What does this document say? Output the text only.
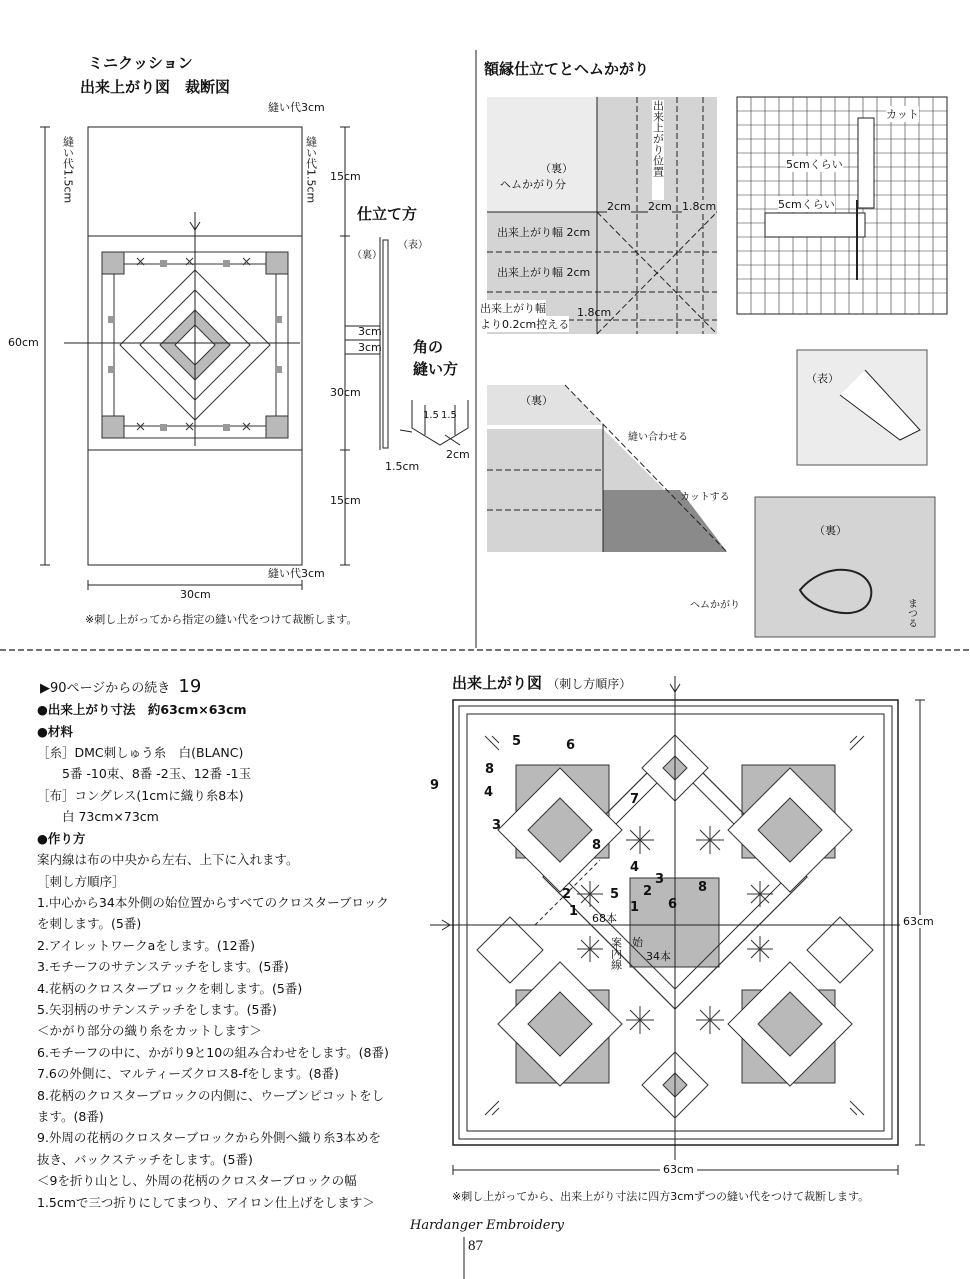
ミニクッション
出来上がり図　裁断図
縫い代3cm
縫い代3cm
縫い代1.5cm	縫い代1.5cm 15cm
30cm
15cm
60cm
30cm
※刺し上がってから指定の縫い代をつけて裁断します。
仕立て方
（裏）
（表）
3cm
3cm 角の
縫い方
1.5 1.5
1.5cm
2cm
額縁仕立てとヘムかがり
（裏）
ヘムかがり分
出来上がり位置
2cm 2cm 1.8cm
出来上がり幅 2cm
出来上がり幅 2cm
出来上がり幅
より0.2cm控える
1.8cm
カット
5cmくらい
5cmくらい
（裏）
縫い合わせる
カットする
（表）
（裏）
ヘムかがり	まつる
▶90ページからの続き 19
●出来上がり寸法　約63cm×63cm
●材料
［糸］DMC刺しゅう糸　白(BLANC)
5番 -10束、8番 -2玉、12番 -1玉
［布］コングレス(1cmに織り糸8本)
白 73cm×73cm
●作り方
案内線は布の中央から左右、上下に入れます。
［刺し方順序］
1.中心から34本外側の始位置からすべてのクロスターブロック
を刺します。(5番)
2.アイレットワークaをします。(12番)
3.モチーフのサテンステッチをします。(5番)
4.花柄のクロスターブロックを刺します。(5番)
5.矢羽柄のサテンステッチをします。(5番)
＜かがり部分の織り糸をカットします＞
6.モチーフの中に、かがり9と10の組み合わせをします。(8番)
7.6の外側に、マルティーズクロス8-fをします。(8番)
8.花柄のクロスターブロックの内側に、ウーブンピコットをし
ます。(8番)
9.外周の花柄のクロスターブロックから外側へ織り糸3本めを
抜き、バックステッチをします。(5番)
＜9を折り山とし、外周の花柄のクロスターブロックの幅
1.5cmで三つ折りにしてまつり、アイロン仕上げをします＞
出来上がり図 （刺し方順序）
5	6
8
9	4	7
3
8
4
2	5 2
3
8
6
1	1
68本
始
34本
案内線
63cm
63cm
※刺し上がってから、出来上がり寸法に四方3cmずつの縫い代をつけて裁断します。
Hardanger Embroidery
87
